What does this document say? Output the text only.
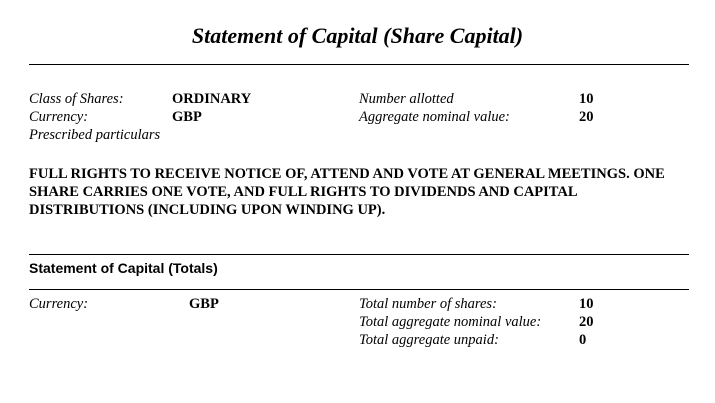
Statement of Capital (Share Capital)
Class of Shares:	ORDINARY
Currency:	GBP
Prescribed particulars
Number allotted	10
Aggregate nominal value:	20
FULL RIGHTS TO RECEIVE NOTICE OF, ATTEND AND VOTE AT GENERAL MEETINGS. ONE SHARE CARRIES ONE VOTE, AND FULL RIGHTS TO DIVIDENDS AND CAPITAL DISTRIBUTIONS (INCLUDING UPON WINDING UP).
Statement of Capital (Totals)
Currency:	GBP	Total number of shares:	10
Total aggregate nominal value:	20
Total aggregate unpaid:	0
